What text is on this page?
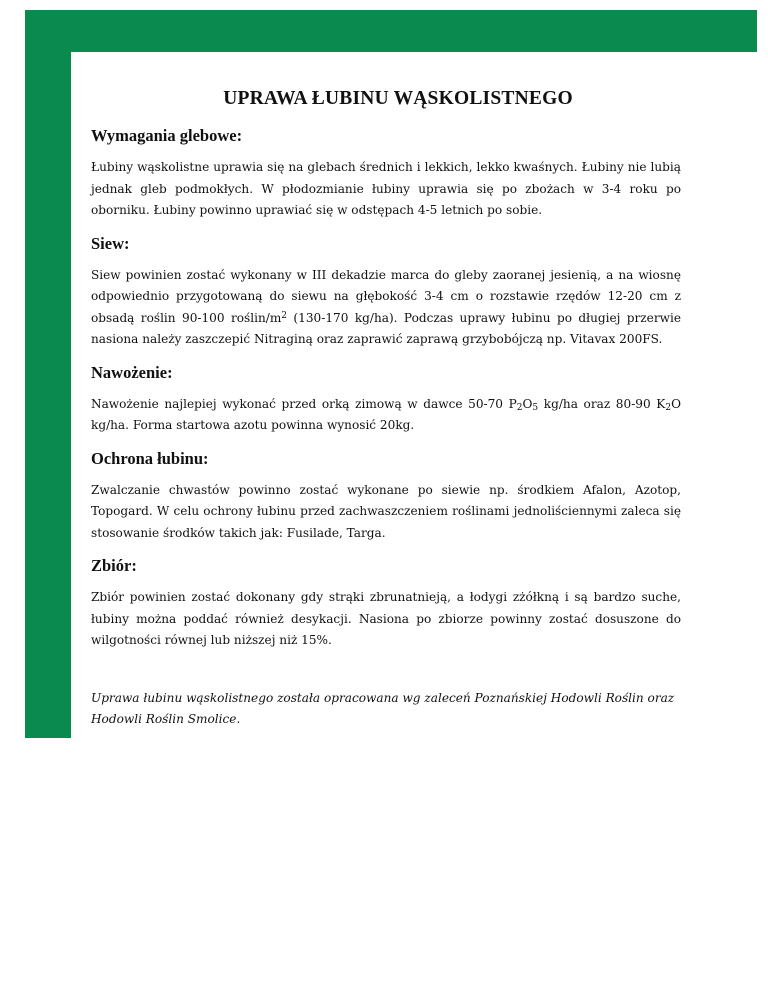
UPRAWA ŁUBINU WĄSKOLISTNEGO
Wymagania glebowe:

Łubiny wąskolistne uprawia się na glebach średnich i lekkich, lekko kwaśnych. Łubiny nie lubią jednak gleb podmokłych. W płodozmianie łubiny uprawia się po zbożach w 3-4 roku po oborniku. Łubiny powinno uprawiać się w odstępach 4-5 letnich po sobie.

Siew:

Siew powinien zostać wykonany w III dekadzie marca do gleby zaoranej jesienią, a na wiosnę odpowiednio przygotowaną do siewu na głębokość 3-4 cm o rozstawie rzędów 12-20 cm z obsadą roślin 90-100 roślin/$m^2$ (130-170 kg/ha). Podczas uprawy łubinu po długiej przerwie nasiona należy zaszczepić Nitraginą oraz zaprawić zaprawą grzybobójczą np. Vitavax 200FS.

Nawożenie:

Nawożenie najlepiej wykonać przed orką zimową w dawce 50-70 $P_2O_5$ kg/ha oraz 80-90 $K_2O$ kg/ha. Forma startowa azotu powinna wynosić 20kg.

Ochrona łubinu:

Zwalczanie chwastów powinno zostać wykonane po siewie np. środkiem Afalon, Azotop, Topogard. W celu ochrony łubinu przed zachwaszczeniem roślinami jednoliściennymi zaleca się stosowanie środków takich jak: Fusilade, Targa.

Zbiór:

Zbiór powinien zostać dokonany gdy strąki zbrunatnieją, a łodygi zżółkną i są bardzo suche, łubiny można poddać również desykacji. Nasiona po zbiorze powinny zostać dosuszone do wilgotności równej lub niższej niż 15%.

Uprawa łubinu wąskolistnego została opracowana wg zaleceń Poznańskiej Hodowli Roślin oraz Hodowli Roślin Smolice.
